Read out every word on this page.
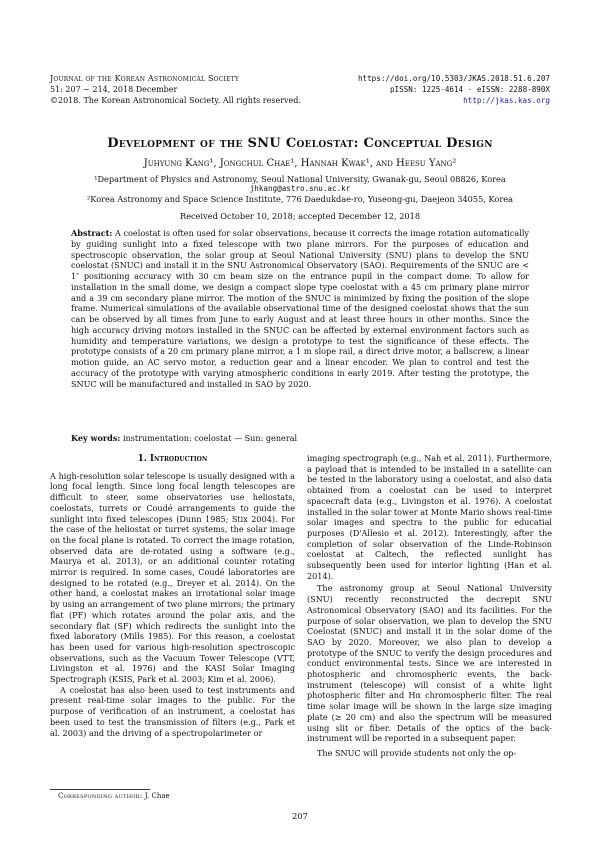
Journal of the Korean Astronomical Society
51: 207 ∼ 214, 2018 December
©2018. The Korean Astronomical Society. All rights reserved.
https://doi.org/10.5303/JKAS.2018.51.6.207
pISSN: 1225-4614 · eISSN: 2288-890X
http://jkas.kas.org
Development of the SNU Coelostat: Conceptual Design
Juhyung Kang¹, Jongchul Chae¹, Hannah Kwak¹, and Heesu Yang²
¹Department of Physics and Astronomy, Seoul National University, Gwanak-gu, Seoul 08826, Korea
jhkang@astro.snu.ac.kr
²Korea Astronomy and Space Science Institute, 776 Daedukdae-ro, Yuseong-gu, Daejeon 34055, Korea
Received October 10, 2018; accepted December 12, 2018
Abstract: A coelostat is often used for solar observations, because it corrects the image rotation automatically by guiding sunlight into a fixed telescope with two plane mirrors. For the purposes of education and spectroscopic observation, the solar group at Seoul National University (SNU) plans to develop the SNU coelostat (SNUC) and install it in the SNU Astronomical Observatory (SAO). Requirements of the SNUC are < 1″ positioning accuracy with 30 cm beam size on the entrance pupil in the compact dome. To allow for installation in the small dome, we design a compact slope type coelostat with a 45 cm primary plane mirror and a 39 cm secondary plane mirror. The motion of the SNUC is minimized by fixing the position of the slope frame. Numerical simulations of the available observational time of the designed coelostat shows that the sun can be observed by all times from June to early August and at least three hours in other months. Since the high accuracy driving motors installed in the SNUC can be affected by external environment factors such as humidity and temperature variations, we design a prototype to test the significance of these effects. The prototype consists of a 20 cm primary plane mirror, a 1 m slope rail, a direct drive motor, a ballscrew, a linear motion guide, an AC servo motor, a reduction gear and a linear encoder. We plan to control and test the accuracy of the prototype with varying atmospheric conditions in early 2019. After testing the prototype, the SNUC will be manufactured and installed in SAO by 2020.
Key words: instrumentation: coelostat — Sun: general
1. Introduction

A high-resolution solar telescope is usually designed with a long focal length. Since long focal length telescopes are difficult to steer, some observatories use heliostats, coelostats, turrets or Coudé arrangements to guide the sunlight into fixed telescopes (Dunn 1985; Stix 2004). For the case of the heliostat or turret systems, the solar image on the focal plane is rotated. To correct the image rotation, observed data are de-rotated using a software (e.g., Maurya et al. 2013), or an additional counter rotating mirror is required. In some cases, Coudé laboratories are designed to be rotated (e.g., Dreyer et al. 2014). On the other hand, a coelostat makes an irrotational solar image by using an arrangement of two plane mirrors; the primary flat (PF) which rotates around the polar axis, and the secondary flat (SF) which redirects the sunlight into the fixed laboratory (Mills 1985). For this reason, a coelostat has been used for various high-resolution spectroscopic observations, such as the Vacuum Tower Telescope (VTT, Livingston et al. 1976) and the KASI Solar Imaging Spectrograph (KSIS, Park et al. 2003; Kim et al. 2006).

A coelostat has also been used to test instruments and present real-time solar images to the public. For the purpose of verification of an instrument, a coelostat has been used to test the transmission of filters (e.g., Park et al. 2003) and the driving of a spectropolarimeter or

imaging spectrograph (e.g., Nah et al. 2011). Furthermore, a payload that is intended to be installed in a satellite can be tested in the laboratory using a coelostat, and also data obtained from a coelostat can be used to interpret spacecraft data (e.g., Livingston et al. 1976). A coelostat installed in the solar tower at Monte Mario shows real-time solar images and spectra to the public for educatial purposes (D'Allesio et al. 2012). Interestingly, after the completion of solar observation of the Linde-Robinson coelostat at Caltech, the reflected sunlight has subsequently been used for interior lighting (Han et al. 2014).

The astronomy group at Seoul National University (SNU) recently reconstructed the decrepit SNU Astronomical Observatory (SAO) and its facilities. For the purpose of solar observation, we plan to develop the SNU Coelostat (SNUC) and install it in the solar dome of the SAO by 2020. Moreover, we also plan to develop a prototype of the SNUC to verify the design procedures and conduct environmental tests. Since we are interested in photospheric and chromospheric events, the back-instrument (telescope) will consist of a white light photospheric filter and Hα chromospheric filter. The real time solar image will be shown in the large size imaging plate (≥ 20 cm) and also the spectrum will be measured using slit or fiber. Details of the optics of the back-instrument will be reported in a subsequent paper.

The SNUC will provide students not only the op-

Corresponding author: J. Chae
207
